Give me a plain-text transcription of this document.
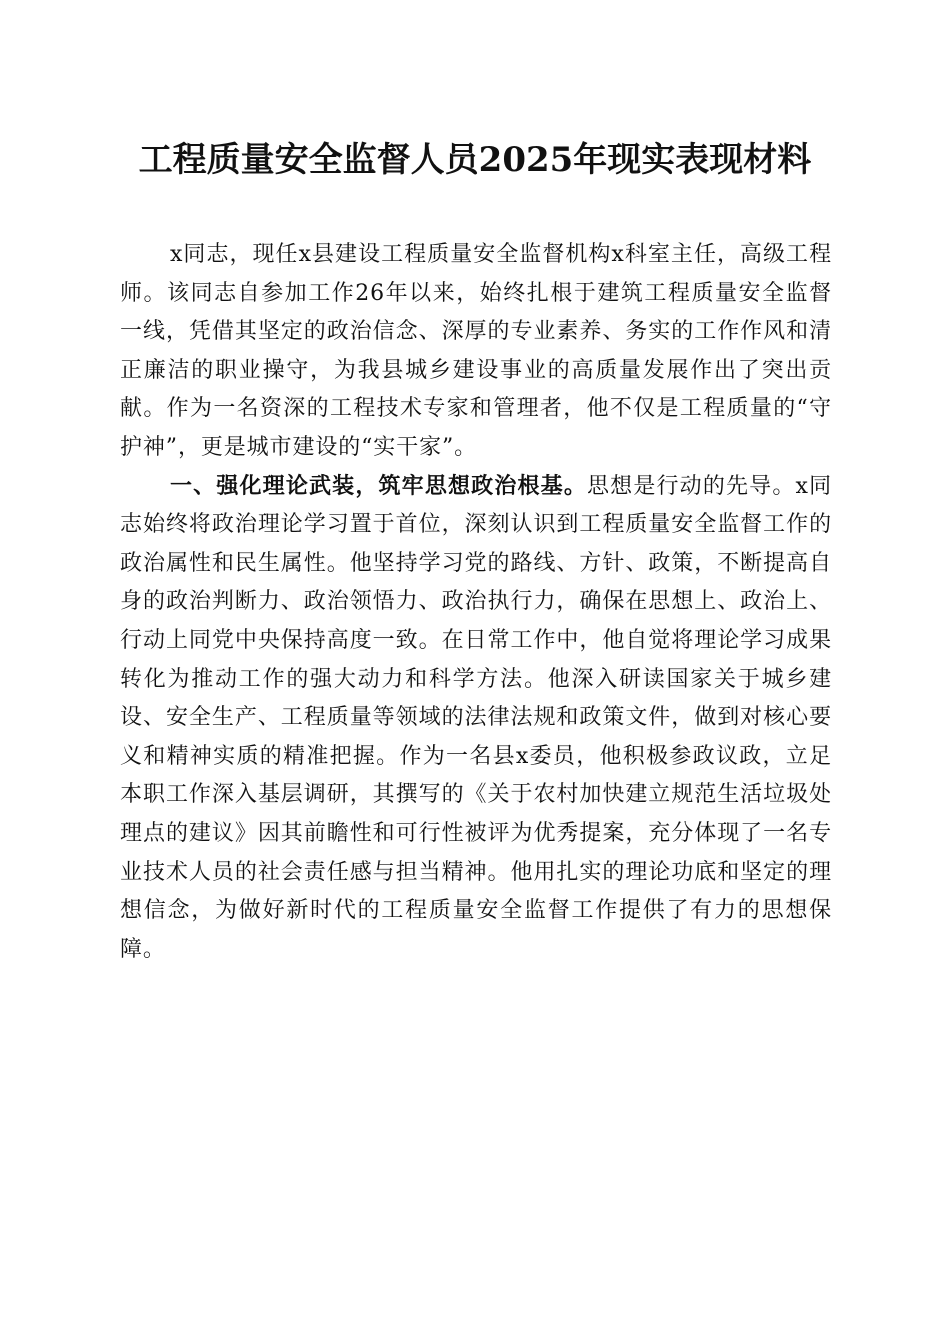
工程质量安全监督人员2025年现实表现材料

x同志，现任x县建设工程质量安全监督机构x科室主任，高级工程师。该同志自参加工作26年以来，始终扎根于建筑工程质量安全监督一线，凭借其坚定的政治信念、深厚的专业素养、务实的工作作风和清正廉洁的职业操守，为我县城乡建设事业的高质量发展作出了突出贡献。作为一名资深的工程技术专家和管理者，他不仅是工程质量的“守护神”，更是城市建设的“实干家”。

一、强化理论武装，筑牢思想政治根基。思想是行动的先导。x同志始终将政治理论学习置于首位，深刻认识到工程质量安全监督工作的政治属性和民生属性。他坚持学习党的路线、方针、政策，不断提高自身的政治判断力、政治领悟力、政治执行力，确保在思想上、政治上、行动上同党中央保持高度一致。在日常工作中，他自觉将理论学习成果转化为推动工作的强大动力和科学方法。他深入研读国家关于城乡建设、安全生产、工程质量等领域的法律法规和政策文件，做到对核心要义和精神实质的精准把握。作为一名县x委员，他积极参政议政，立足本职工作深入基层调研，其撰写的《关于农村加快建立规范生活垃圾处理点的建议》因其前瞻性和可行性被评为优秀提案，充分体现了一名专业技术人员的社会责任感与担当精神。他用扎实的理论功底和坚定的理想信念，为做好新时代的工程质量安全监督工作提供了有力的思想保障。
